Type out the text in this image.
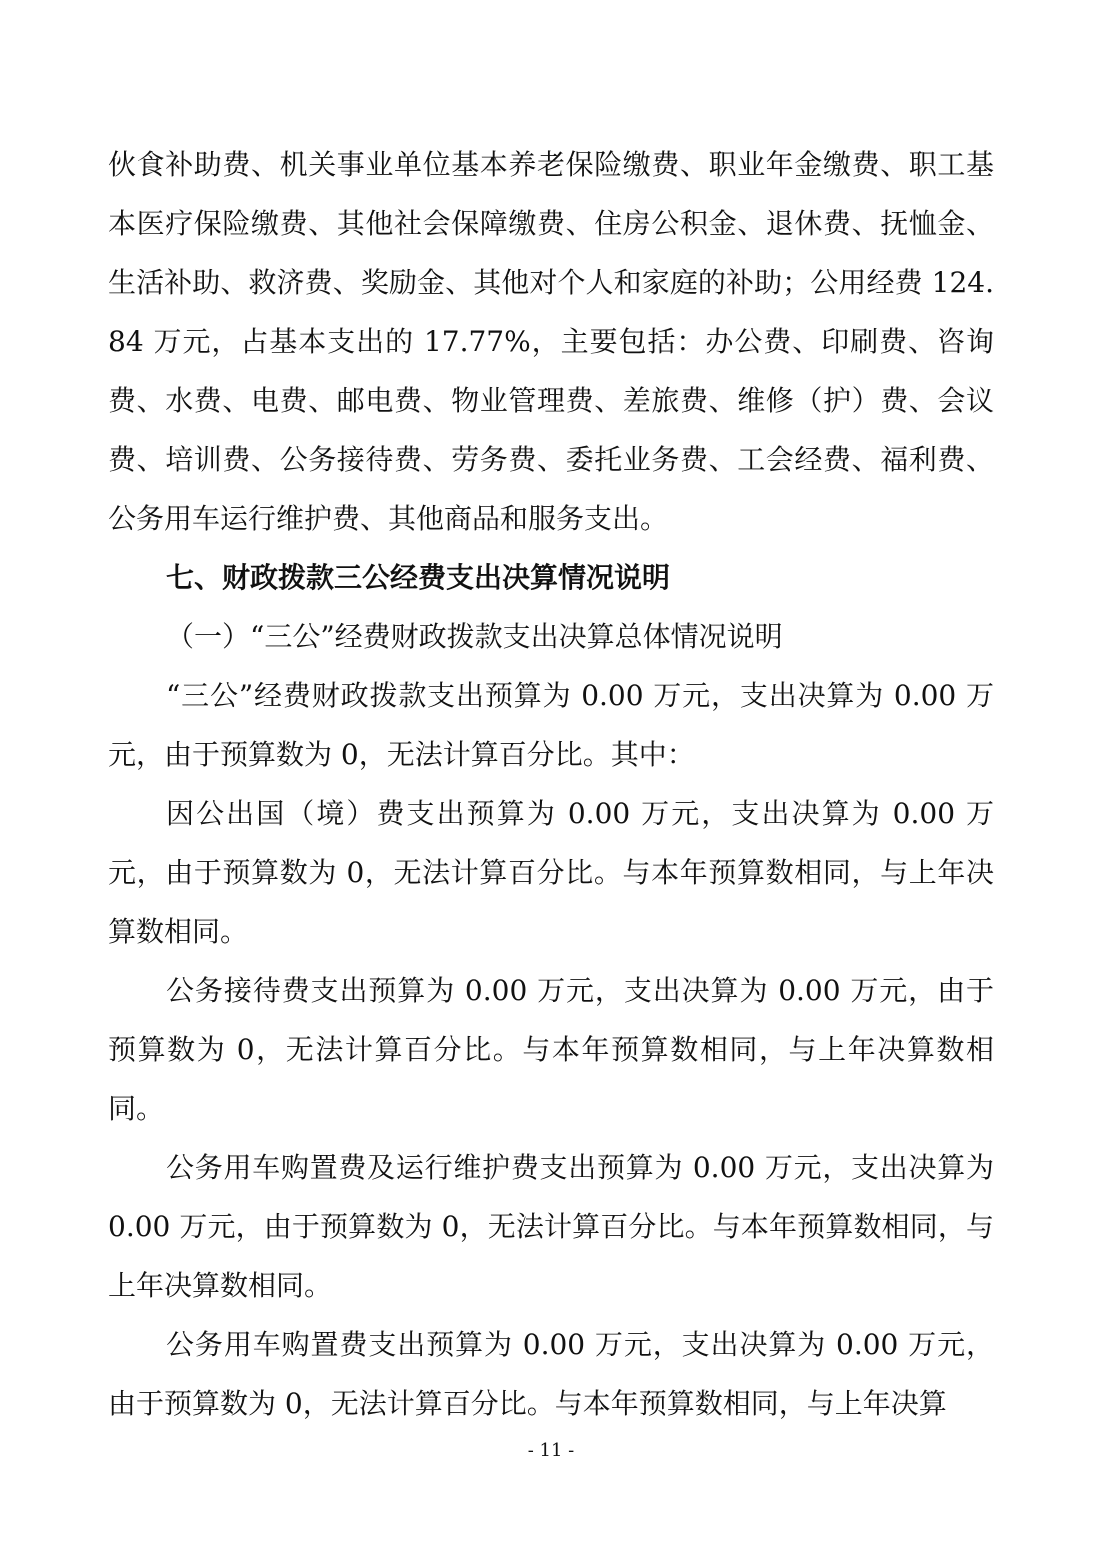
伙食补助费、机关事业单位基本养老保险缴费、职业年金缴费、职工基本医疗保险缴费、其他社会保障缴费、住房公积金、退休费、抚恤金、生活补助、救济费、奖励金、其他对个人和家庭的补助；公用经费 124.84 万元，占基本支出的 17.77%，主要包括：办公费、印刷费、咨询费、水费、电费、邮电费、物业管理费、差旅费、维修（护）费、会议费、培训费、公务接待费、劳务费、委托业务费、工会经费、福利费、公务用车运行维护费、其他商品和服务支出。

七、财政拨款三公经费支出决算情况说明

（一）“三公”经费财政拨款支出决算总体情况说明

“三公”经费财政拨款支出预算为 0.00 万元，支出决算为 0.00 万元，由于预算数为 0，无法计算百分比。其中：

因公出国（境）费支出预算为 0.00 万元，支出决算为 0.00 万元，由于预算数为 0，无法计算百分比。与本年预算数相同，与上年决算数相同。

公务接待费支出预算为 0.00 万元，支出决算为 0.00 万元，由于预算数为 0，无法计算百分比。与本年预算数相同，与上年决算数相同。

公务用车购置费及运行维护费支出预算为 0.00 万元，支出决算为 0.00 万元，由于预算数为 0，无法计算百分比。与本年预算数相同，与上年决算数相同。

公务用车购置费支出预算为 0.00 万元，支出决算为 0.00 万元，由于预算数为 0，无法计算百分比。与本年预算数相同，与上年决算

- 11 -
